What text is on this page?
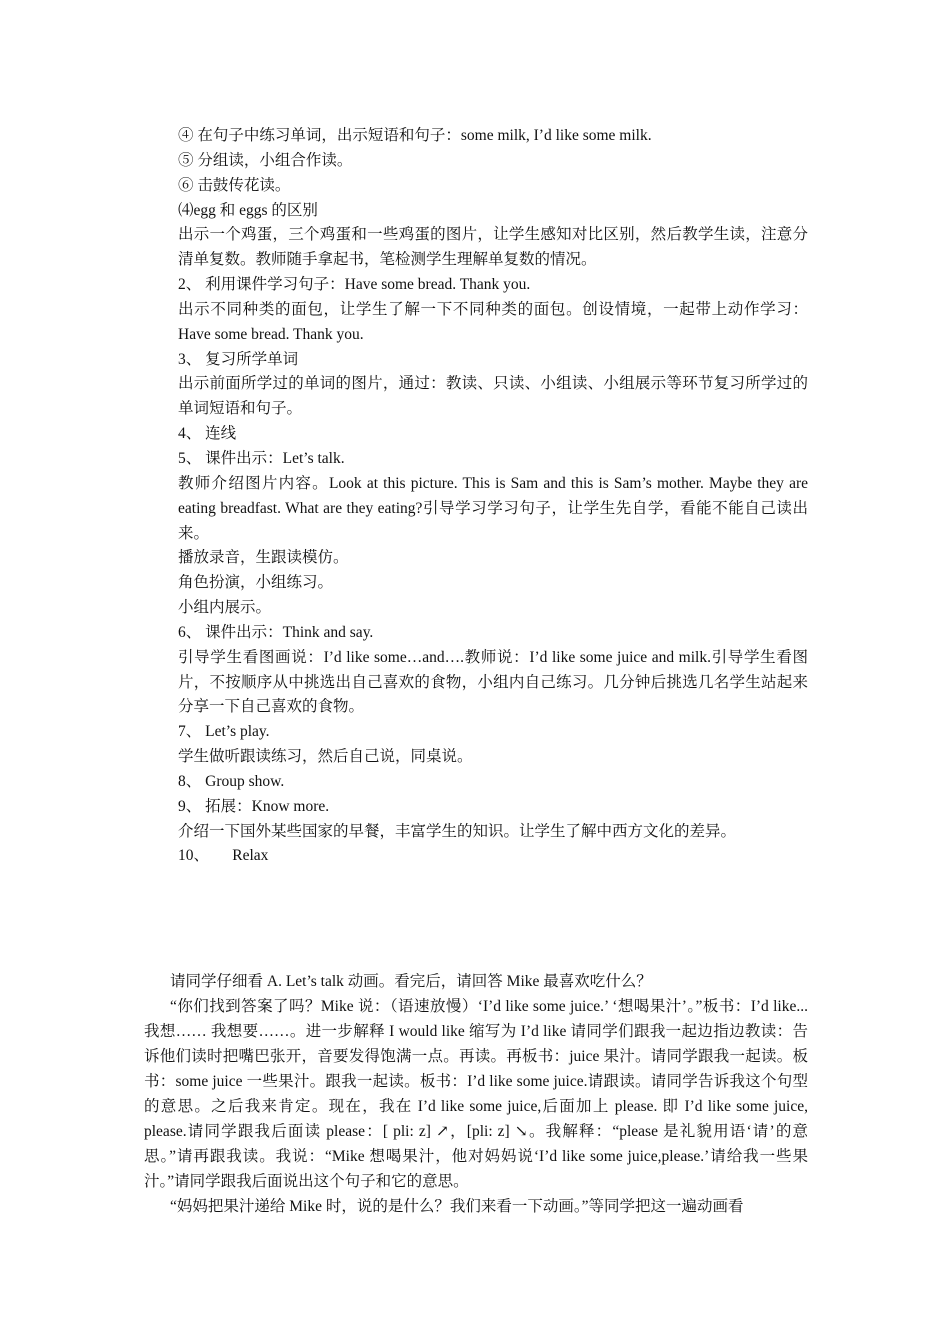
④ 在句子中练习单词，出示短语和句子：some milk, I’d like some milk.

⑤ 分组读，小组合作读。

⑥ 击鼓传花读。

⑷egg 和 eggs 的区别

出示一个鸡蛋，三个鸡蛋和一些鸡蛋的图片，让学生感知对比区别，然后教学生读，注意分清单复数。教师随手拿起书，笔检测学生理解单复数的情况。

2、 利用课件学习句子：Have some bread. Thank you.

出示不同种类的面包，让学生了解一下不同种类的面包。创设情境，一起带上动作学习：Have some bread. Thank you.

3、 复习所学单词

出示前面所学过的单词的图片，通过：教读、只读、小组读、小组展示等环节复习所学过的单词短语和句子。

4、 连线

5、 课件出示：Let’s talk.

教师介绍图片内容。Look at this picture. This is Sam and this is Sam’s mother. Maybe they are eating breadfast. What are they eating?引导学习学习句子，让学生先自学，看能不能自己读出来。

播放录音，生跟读模仿。

角色扮演，小组练习。

小组内展示。

6、 课件出示：Think and say.

引导学生看图画说：I’d like some…and….教师说：I’d like some juice and milk.引导学生看图片，不按顺序从中挑选出自己喜欢的食物，小组内自己练习。几分钟后挑选几名学生站起来分享一下自己喜欢的食物。

7、 Let’s play.

学生做听跟读练习，然后自己说，同桌说。

8、 Group show.

9、 拓展：Know more.

介绍一下国外某些国家的早餐，丰富学生的知识。让学生了解中西方文化的差异。

10、　　Relax

请同学仔细看 A. Let’s talk 动画。看完后，请回答 Mike 最喜欢吃什么？

“你们找到答案了吗？Mike 说：（语速放慢）‘I’d like some juice.’ ‘想喝果汁’。”板书：I’d like... 我想…… 我想要……。进一步解释 I would like 缩写为 I’d like 请同学们跟我一起边指边教读：告诉他们读时把嘴巴张开，音要发得饱满一点。再读。再板书：juice 果汁。请同学跟我一起读。板书：some juice 一些果汁。跟我一起读。板书：I’d like some juice.请跟读。请同学告诉我这个句型的意思。之后我来肯定。现在，我在 I’d like some juice,后面加上 please. 即 I’d like some juice, please.请同学跟我后面读 please：[ pli: z] ↗，[pli: z] ↘。我解释：“please 是礼貌用语‘请’的意思。”请再跟我读。我说：“Mike 想喝果汁，他对妈妈说‘I’d like some juice,please.’请给我一些果汁。”请同学跟我后面说出这个句子和它的意思。

“妈妈把果汁递给 Mike 时，说的是什么？我们来看一下动画。”等同学把这一遍动画看
